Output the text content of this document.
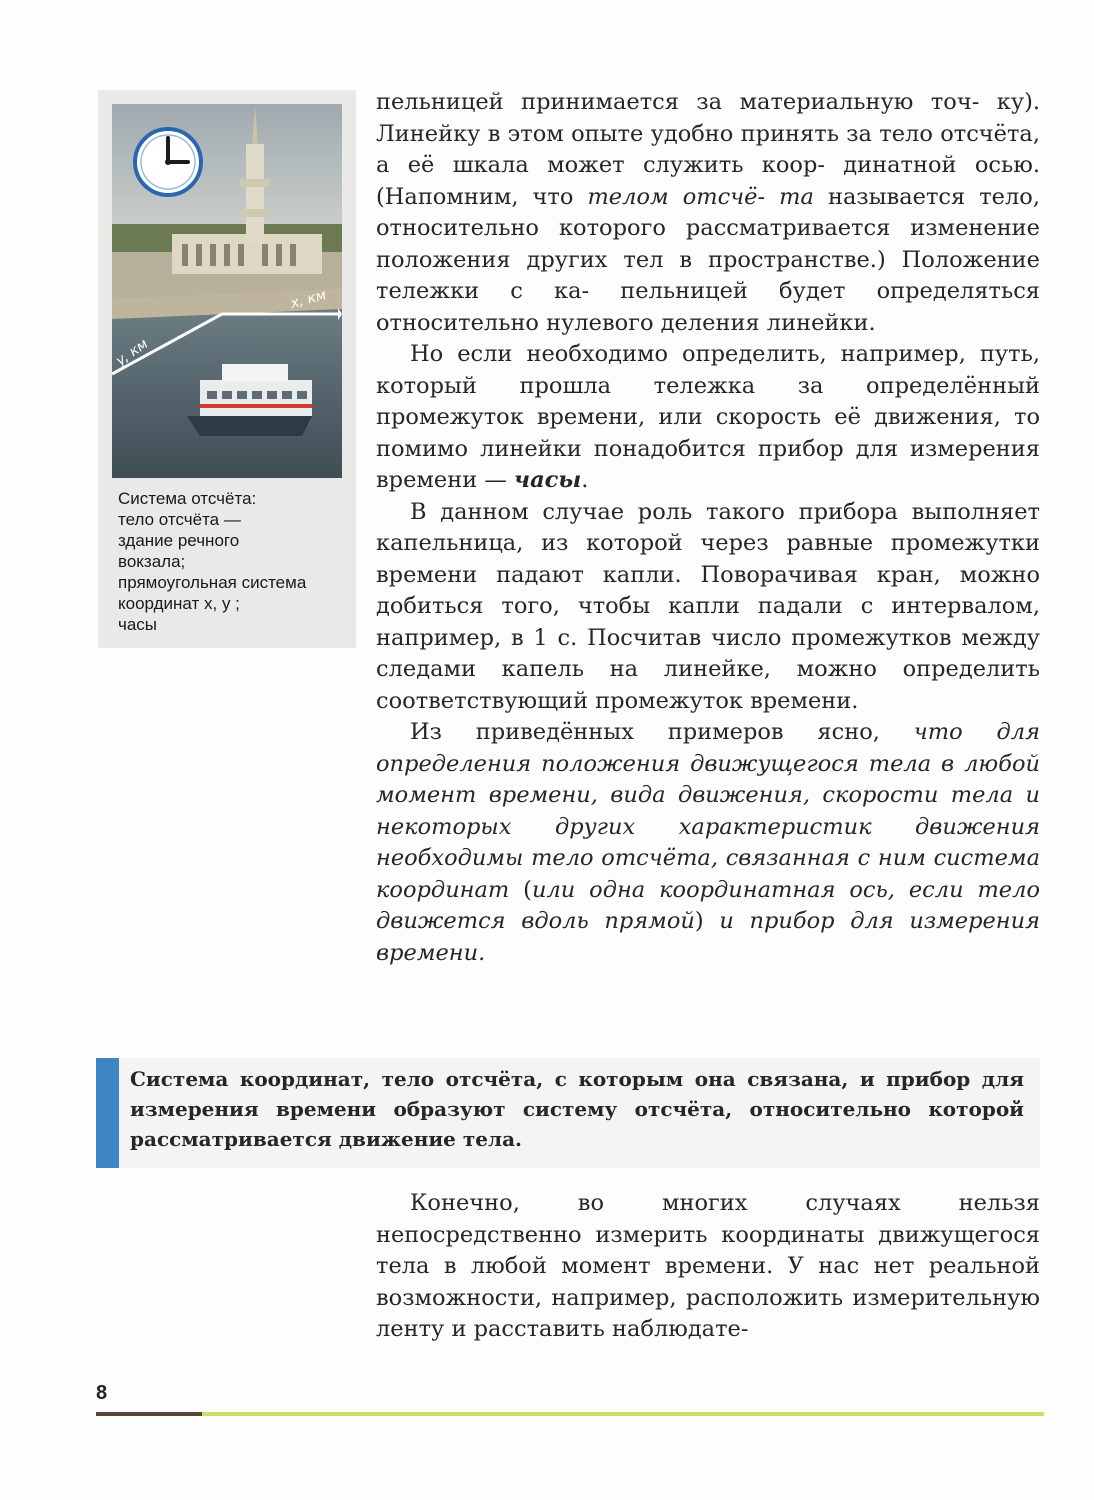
x, км
y, км
Система отсчёта:
тело отсчёта —
здание речного
вокзала;
прямоугольная система
координат x, y ;
часы

пельницей принимается за материальную точ- ку). Линейку в этом опыте удобно принять за тело отсчёта, а её шкала может служить коор- динатной осью. (Напомним, что телом отсчё- та называется тело, относительно которого рассматривается изменение положения других тел в пространстве.) Положение тележки с ка- пельницей будет определяться относительно нулевого деления линейки.

Но если необходимо определить, например, путь, который прошла тележка за определённый промежуток времени, или скорость её движения, то помимо линейки понадобится прибор для измерения времени — часы.

В данном случае роль такого прибора выполняет капельница, из которой через равные промежутки времени падают капли. Поворачивая кран, можно добиться того, чтобы капли падали с интервалом, например, в 1 с. Посчитав число промежутков между следами капель на линейке, можно определить соответствующий промежуток времени.

Из приведённых примеров ясно, что для определения положения движущегося тела в любой момент времени, вида движения, скорости тела и некоторых других характеристик движения необходимы тело отсчёта, связанная с ним система координат (или одна координатная ось, если тело движется вдоль прямой) и прибор для измерения времени.

Система координат, тело отсчёта, с которым она связана, и прибор для измерения времени образуют систему отсчёта, относительно которой рассматривается движение тела.

Конечно, во многих случаях нельзя непосредственно измерить координаты движущегося тела в любой момент времени. У нас нет реальной возможности, например, расположить измерительную ленту и расставить наблюдате-

8
